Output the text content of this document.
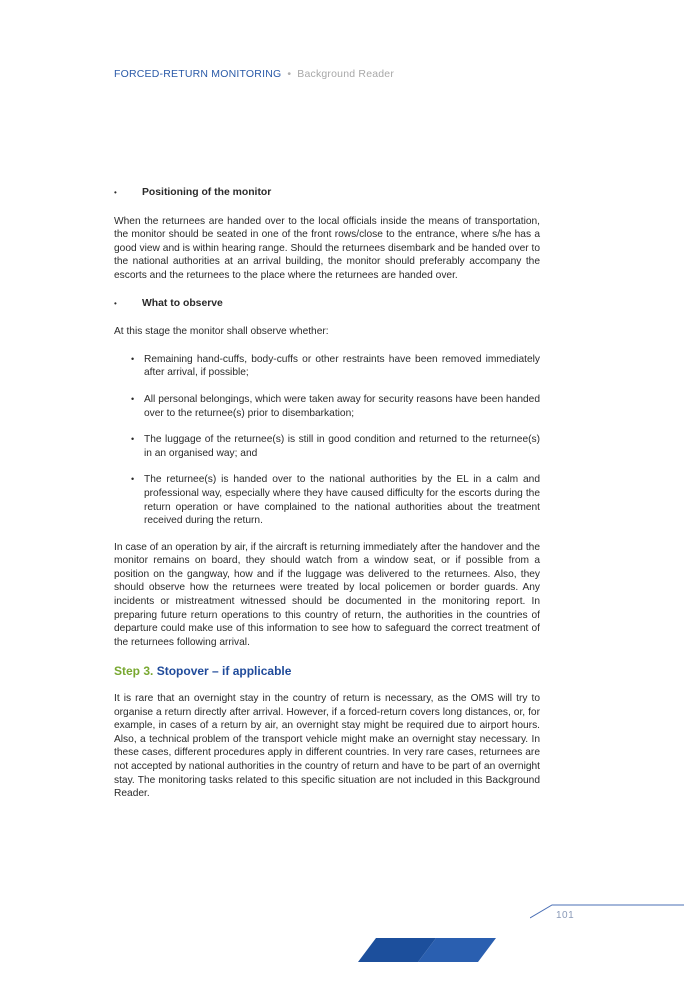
FORCED-RETURN MONITORING • Background Reader
• Positioning of the monitor

When the returnees are handed over to the local officials inside the means of transportation, the monitor should be seated in one of the front rows/close to the entrance, where s/he has a good view and is within hearing range. Should the returnees disembark and be handed over to the national authorities at an arrival building, the monitor should preferably accompany the escorts and the returnees to the place where the returnees are handed over.

• What to observe

At this stage the monitor shall observe whether:

• Remaining hand-cuffs, body-cuffs or other restraints have been removed immediately after arrival, if possible;
• All personal belongings, which were taken away for security reasons have been handed over to the returnee(s) prior to disembarkation;
• The luggage of the returnee(s) is still in good condition and returned to the returnee(s) in an organised way; and
• The returnee(s) is handed over to the national authorities by the EL in a calm and professional way, especially where they have caused difficulty for the escorts during the return operation or have complained to the national authorities about the treatment received during the return.

In case of an operation by air, if the aircraft is returning immediately after the handover and the monitor remains on board, they should watch from a window seat, or if possible from a position on the gangway, how and if the luggage was delivered to the returnees. Also, they should observe how the returnees were treated by local policemen or border guards. Any incidents or mistreatment witnessed should be documented in the monitoring report. In preparing future return operations to this country of return, the authorities in the countries of departure could make use of this information to see how to safeguard the correct treatment of the returnees following arrival.

Step 3. Stopover – if applicable

It is rare that an overnight stay in the country of return is necessary, as the OMS will try to organise a return directly after arrival. However, if a forced-return covers long distances, or, for example, in cases of a return by air, an overnight stay might be required due to airport hours. Also, a technical problem of the transport vehicle might make an overnight stay necessary. In these cases, different procedures apply in different countries. In very rare cases, returnees are not accepted by national authorities in the country of return and have to be part of an overnight stay. The monitoring tasks related to this specific situation are not included in this Background Reader.

101
